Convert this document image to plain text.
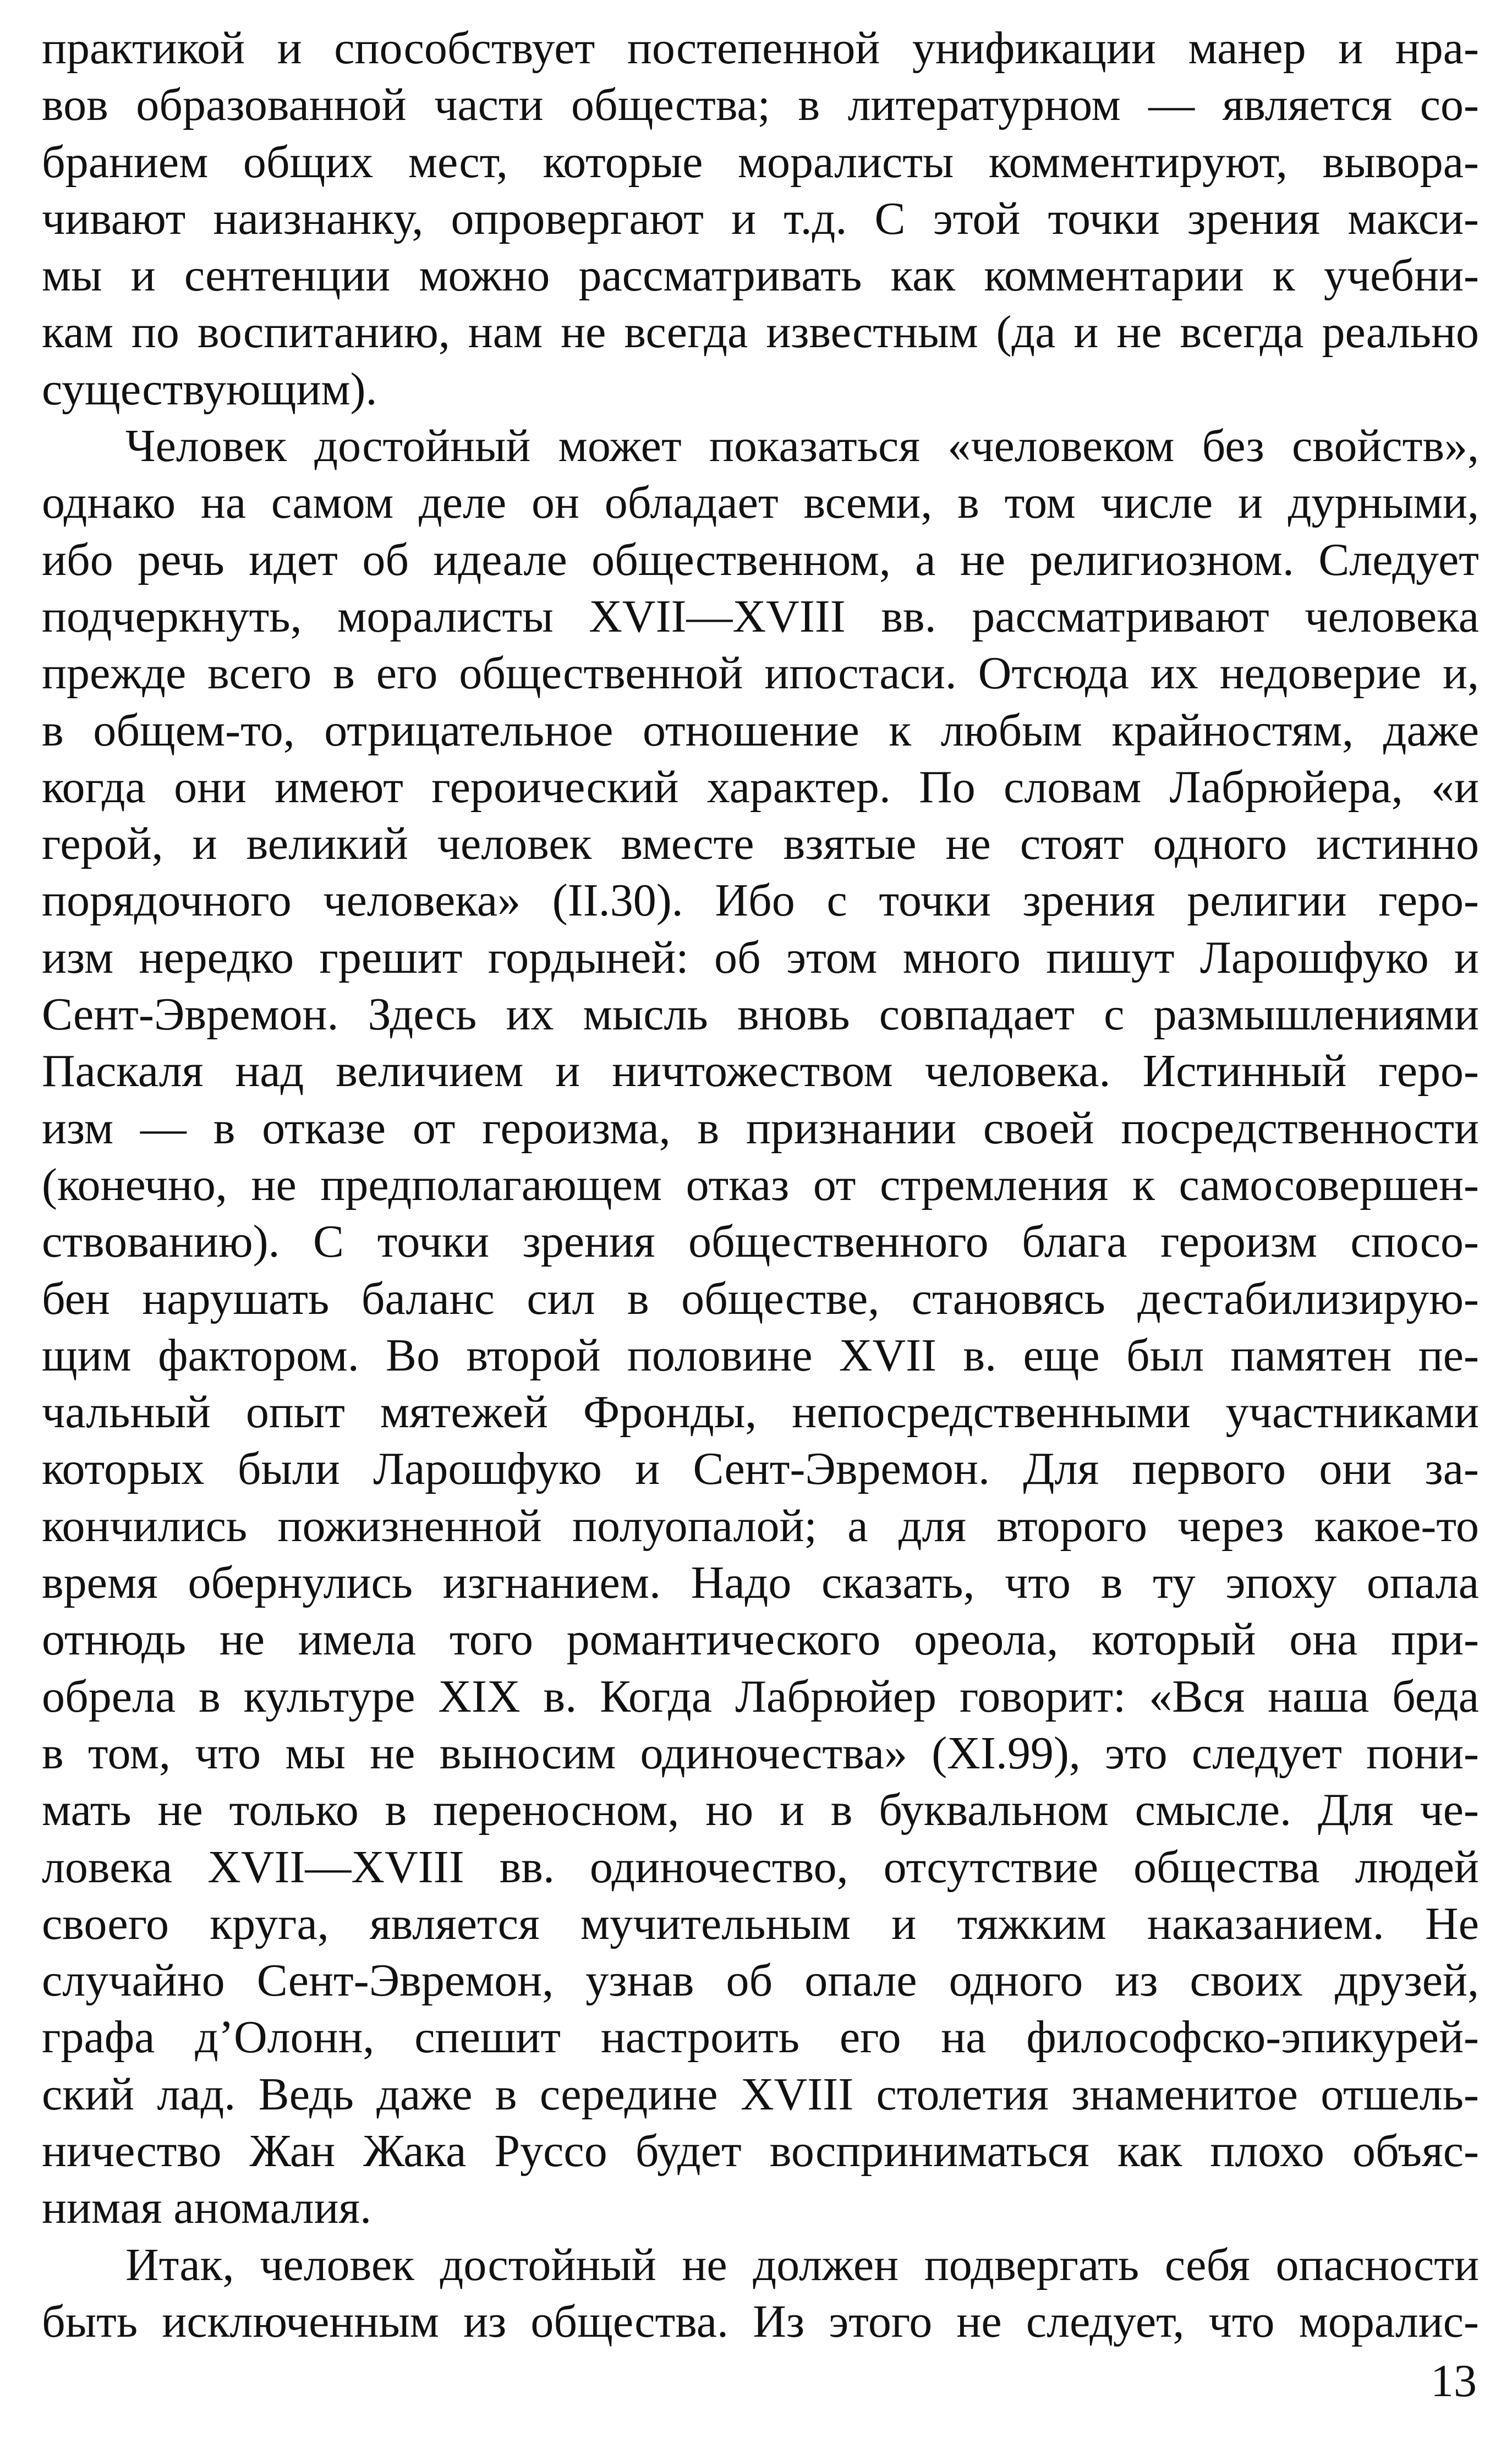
практикой и способствует постепенной унификации манер и нра-
вов образованной части общества; в литературном — является со-
бранием общих мест, которые моралисты комментируют, вывора-
чивают наизнанку, опровергают и т.д. С этой точки зрения макси-
мы и сентенции можно рассматривать как комментарии к учебни-
кам по воспитанию, нам не всегда известным (да и не всегда реально
существующим).
Человек достойный может показаться «человеком без свойств»,
однако на самом деле он обладает всеми, в том числе и дурными,
ибо речь идет об идеале общественном, а не религиозном. Следует
подчеркнуть, моралисты XVII—XVIII вв. рассматривают человека
прежде всего в его общественной ипостаси. Отсюда их недоверие и,
в общем-то, отрицательное отношение к любым крайностям, даже
когда они имеют героический характер. По словам Лабрюйера, «и
герой, и великий человек вместе взятые не стоят одного истинно
порядочного человека» (II.30). Ибо с точки зрения религии геро-
изм нередко грешит гордыней: об этом много пишут Ларошфуко и
Сент-Эвремон. Здесь их мысль вновь совпадает с размышлениями
Паскаля над величием и ничтожеством человека. Истинный геро-
изм — в отказе от героизма, в признании своей посредственности
(конечно, не предполагающем отказ от стремления к самосовершен-
ствованию). С точки зрения общественного блага героизм спосо-
бен нарушать баланс сил в обществе, становясь дестабилизирую-
щим фактором. Во второй половине XVII в. еще был памятен пе-
чальный опыт мятежей Фронды, непосредственными участниками
которых были Ларошфуко и Сент-Эвремон. Для первого они за-
кончились пожизненной полуопалой; а для второго через какое-то
время обернулись изгнанием. Надо сказать, что в ту эпоху опала
отнюдь не имела того романтического ореола, который она при-
обрела в культуре XIX в. Когда Лабрюйер говорит: «Вся наша беда
в том, что мы не выносим одиночества» (XI.99), это следует пони-
мать не только в переносном, но и в буквальном смысле. Для че-
ловека XVII—XVIII вв. одиночество, отсутствие общества людей
своего круга, является мучительным и тяжким наказанием. Не
случайно Сент-Эвремон, узнав об опале одного из своих друзей,
графа д’Олонн, спешит настроить его на философско-эпикурей-
ский лад. Ведь даже в середине XVIII столетия знаменитое отшель-
ничество Жан Жака Руссо будет восприниматься как плохо объяс-
нимая аномалия.
Итак, человек достойный не должен подвергать себя опасности
быть исключенным из общества. Из этого не следует, что моралис-
13
